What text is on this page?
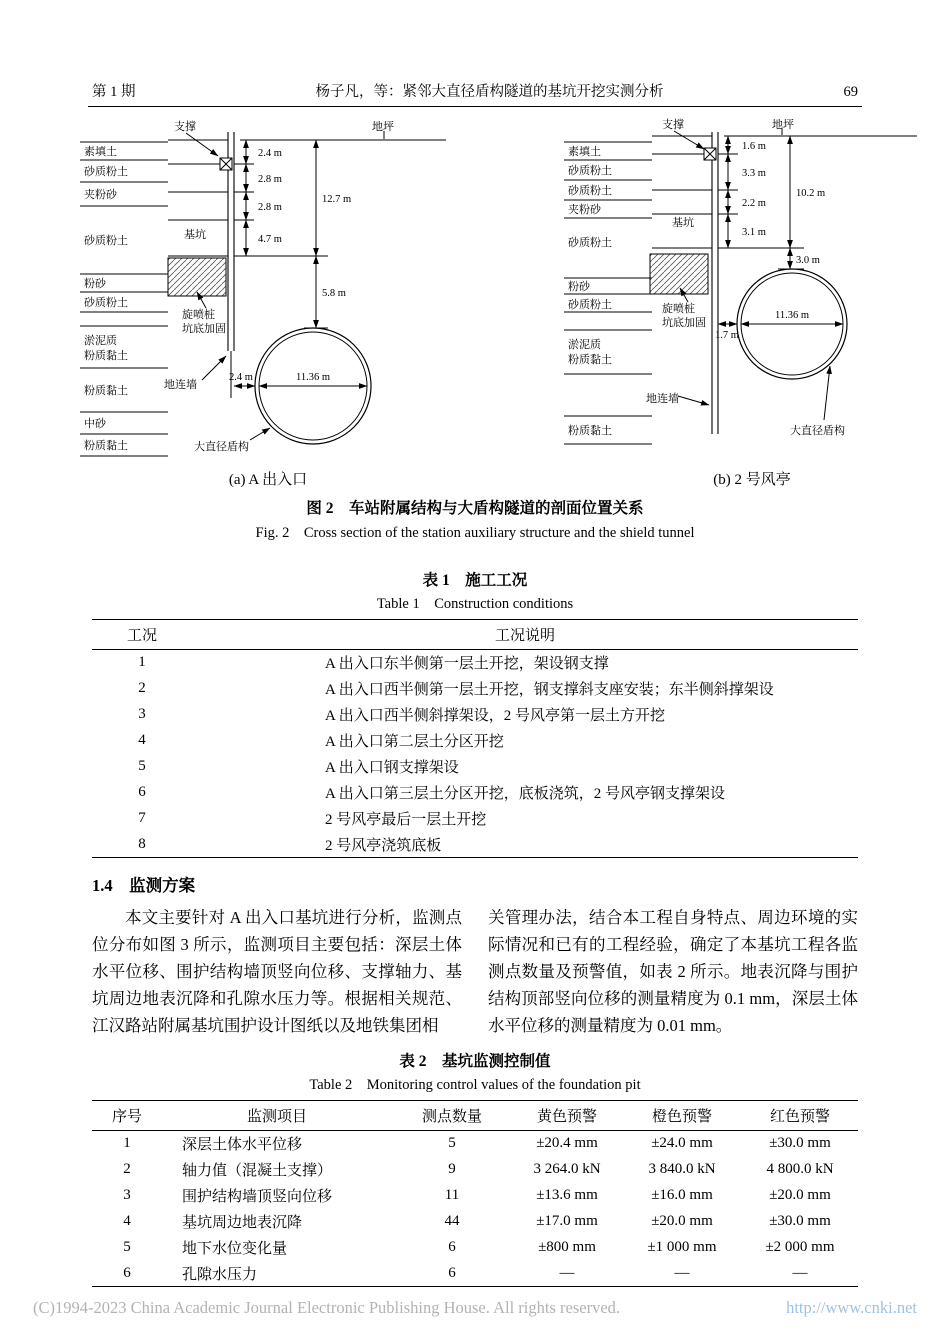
第 1 期	杨子凡，等：紧邻大直径盾构隧道的基坑开挖实测分析	69
素填土
砂质粉土
夹粉砂
砂质粉土
粉砂
砂质粉土
淤泥质
粉质黏土
粉质黏土
中砂
粉质黏土
支撑	地坪
基坑
旋喷桩
坑底加固
地连墙
大直径盾构
2.4 m
2.8 m
2.8 m
4.7 m
12.7 m
5.8 m
2.4 m	11.36 m
(a) A 出入口
素填土
砂质粉土
砂质粉土
夹粉砂
砂质粉土
粉砂
砂质粉土
淤泥质
粉质黏土
粉质黏土
支撑	地坪
基坑
旋喷桩
坑底加固
地连墙
大直径盾构
1.6 m
3.3 m
2.2 m
3.1 m
10.2 m
3.0 m
1.7 m
11.36 m
(b) 2 号风亭
图 2　车站附属结构与大盾构隧道的剖面位置关系
Fig. 2　Cross section of the station auxiliary structure and the shield tunnel
表 1　施工工况
Table 1　Construction conditions
工况	工况说明
1	A 出入口东半侧第一层土开挖，架设钢支撑
2	A 出入口西半侧第一层土开挖，钢支撑斜支座安装；东半侧斜撑架设
3	A 出入口西半侧斜撑架设，2 号风亭第一层土方开挖
4	A 出入口第二层土分区开挖
5	A 出入口钢支撑架设
6	A 出入口第三层土分区开挖，底板浇筑，2 号风亭钢支撑架设
7	2 号风亭最后一层土开挖
8	2 号风亭浇筑底板
1.4　监测方案

本文主要针对 A 出入口基坑进行分析，监测点位分布如图 3 所示，监测项目主要包括：深层土体水平位移、围护结构墙顶竖向位移、支撑轴力、基坑周边地表沉降和孔隙水压力等。根据相关规范、江汉路站附属基坑围护设计图纸以及地铁集团相

关管理办法，结合本工程自身特点、周边环境的实际情况和已有的工程经验，确定了本基坑工程各监测点数量及预警值，如表 2 所示。地表沉降与围护结构顶部竖向位移的测量精度为 0.1 mm，深层土体水平位移的测量精度为 0.01 mm。

表 2　基坑监测控制值
Table 2　Monitoring control values of the foundation pit
序号	监测项目	测点数量	黄色预警	橙色预警	红色预警
1	深层土体水平位移	5	±20.4 mm	±24.0 mm	±30.0 mm
2	轴力值（混凝土支撑）	9	3 264.0 kN	3 840.0 kN	4 800.0 kN
3	围护结构墙顶竖向位移	11	±13.6 mm	±16.0 mm	±20.0 mm
4	基坑周边地表沉降	44	±17.0 mm	±20.0 mm	±30.0 mm
5	地下水位变化量	6	±800 mm	±1 000 mm	±2 000 mm
6	孔隙水压力	6	—	—	—
(C)1994-2023 China Academic Journal Electronic Publishing House. All rights reserved.	http://www.cnki.net
